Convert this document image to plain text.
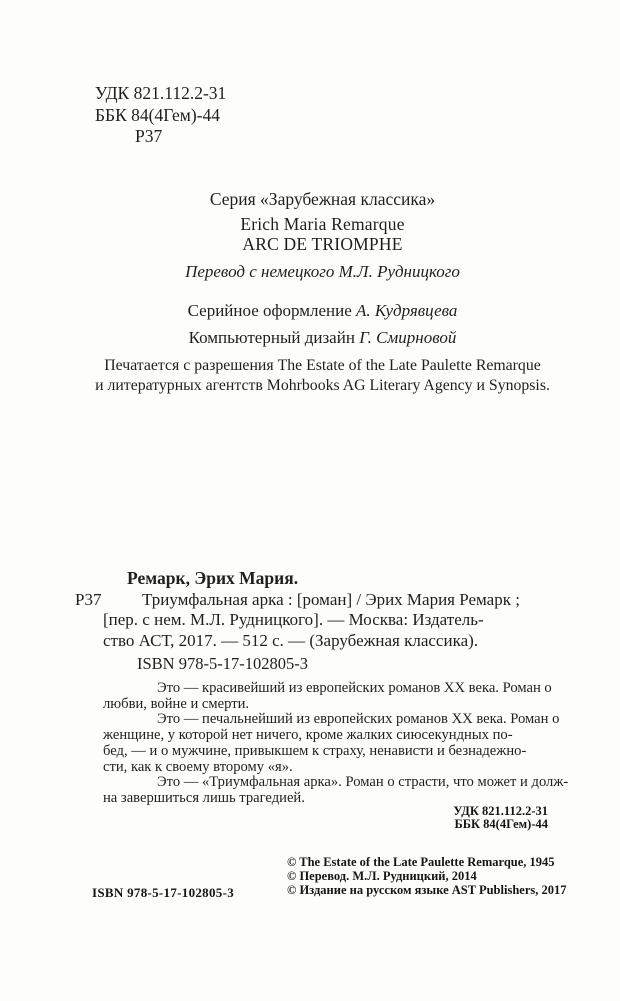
УДК 821.112.2-31
ББК 84(4Гем)-44
Р37
Серия «Зарубежная классика»
Erich Maria Remarque
ARC DE TRIOMPHE
Перевод с немецкого М.Л. Рудницкого
Серийное оформление А. Кудрявцева
Компьютерный дизайн Г. Смирновой
Печатается с разрешения The Estate of the Late Paulette Remarque
и литературных агентств Mohrbooks AG Literary Agency и Synopsis.
Ремарк, Эрих Мария.
Р37	Триумфальная арка : [роман] / Эрих Мария Ремарк ;
[пер. с нем. М.Л. Рудницкого]. — Москва: Издатель-
ство АСТ, 2017. — 512 с. — (Зарубежная классика).
ISBN 978-5-17-102805-3
Это — красивейший из европейских романов XX века. Роман о
любви, войне и смерти.
Это — печальнейший из европейских романов XX века. Роман о
женщине, у которой нет ничего, кроме жалких сиюсекундных по-
бед, — и о мужчине, привыкшем к страху, ненависти и безнадежно-
сти, как к своему второму «я».
Это — «Триумфальная арка». Роман о страсти, что может и долж-
на завершиться лишь трагедией.
УДК 821.112.2-31
ББК 84(4Гем)-44
ISBN 978-5-17-102805-3
© The Estate of the Late Paulette Remarque, 1945
© Перевод. М.Л. Рудницкий, 2014
© Издание на русском языке AST Publishers, 2017
